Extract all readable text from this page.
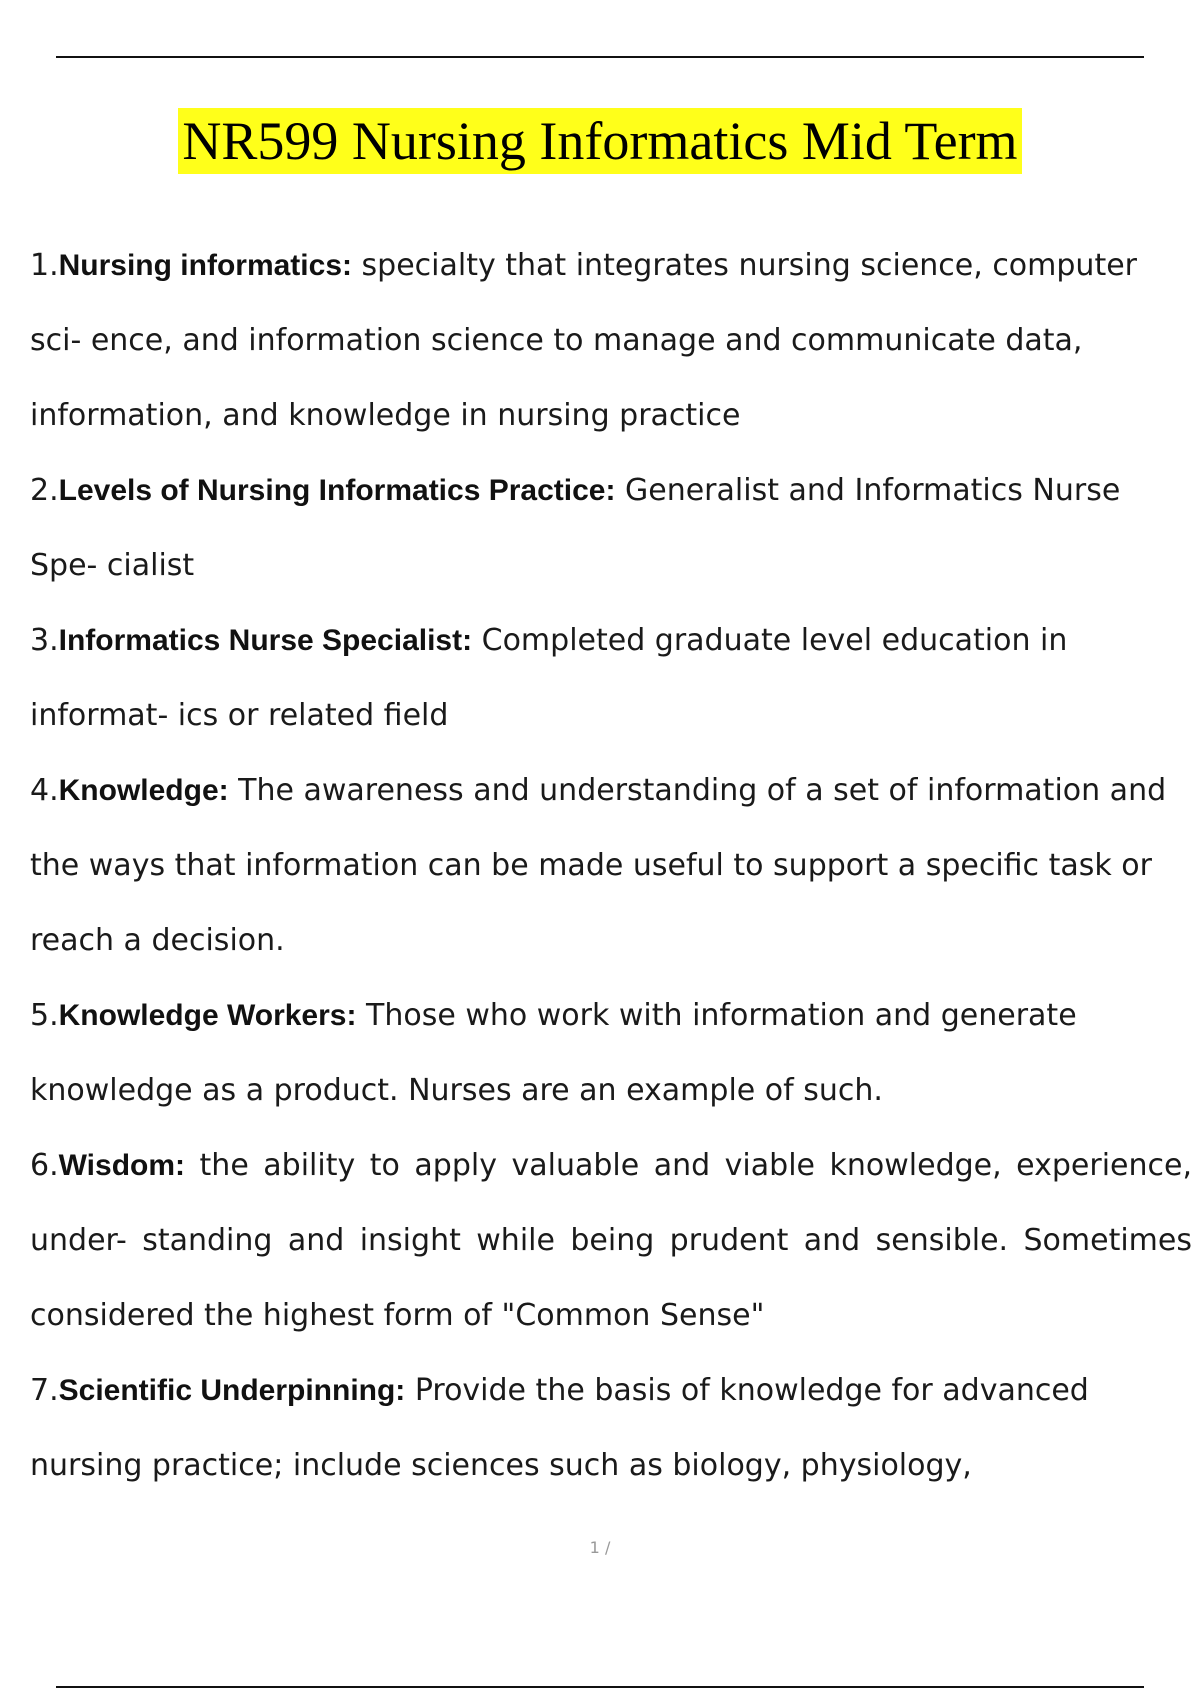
NR599 Nursing Informatics Mid Term

1.Nursing informatics: specialty that integrates nursing science, computer sci- ence, and information science to manage and communicate data, information, and knowledge in nursing practice

2.Levels of Nursing Informatics Practice: Generalist and Informatics Nurse Spe- cialist

3.Informatics Nurse Specialist: Completed graduate level education in informat- ics or related field

4.Knowledge: The awareness and understanding of a set of information and the ways that information can be made useful to support a specific task or reach a decision.

5.Knowledge Workers: Those who work with information and generate knowledge as a product. Nurses are an example of such.

6.Wisdom: the ability to apply valuable and viable knowledge, experience, under- standing and insight while being prudent and sensible. Sometimes considered the highest form of "Common Sense"

7.Scientific Underpinning: Provide the basis of knowledge for advanced nursing practice; include sciences such as biology, physiology,

1 /
